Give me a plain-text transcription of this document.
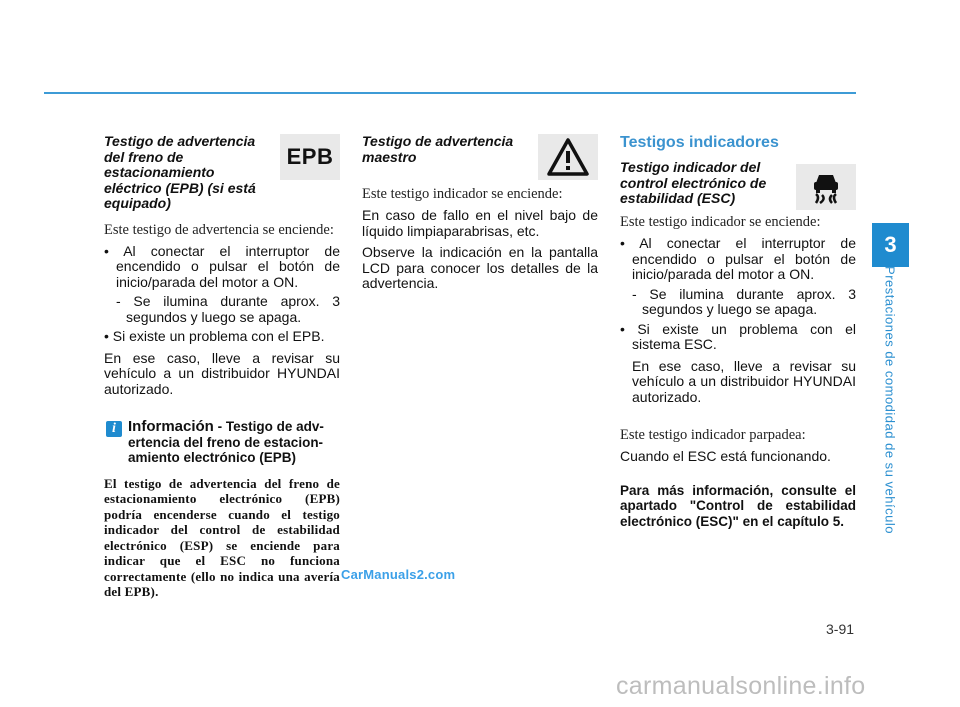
3
Prestaciones de comodidad de su vehículo
Testigo de advertencia del freno de estacionamiento eléctrico (EPB) (si está equipado)
EPB
Este testigo de advertencia se enciende:
• Al conectar el interruptor de encendido o pulsar el botón de inicio/parada del motor a ON.
- Se ilumina durante aprox. 3 segundos y luego se apaga.
• Si existe un problema con el EPB.
En ese caso, lleve a revisar su vehículo a un distribuidor HYUNDAI autorizado.
i Información - Testigo de adv-ertencia del freno de estacion-amiento electrónico (EPB)
El testigo de advertencia del freno de estacionamiento electrónico (EPB) podría encenderse cuando el testigo indicador del control de estabilidad electrónico (ESP) se enciende para indicar que el ESC no funciona correctamente (ello no indica una avería del EPB).
Testigo de advertencia maestro
Este testigo indicador se enciende:
En caso de fallo en el nivel bajo de líquido limpiaparabrisas, etc.
Observe la indicación en la pantalla LCD para conocer los detalles de la advertencia.
Testigos indicadores
Testigo indicador del control electrónico de estabilidad (ESC)
Este testigo indicador se enciende:
• Al conectar el interruptor de encendido o pulsar el botón de inicio/parada del motor a ON.
- Se ilumina durante aprox. 3 segundos y luego se apaga.
• Si existe un problema con el sistema ESC.
En ese caso, lleve a revisar su vehículo a un distribuidor HYUNDAI autorizado.
Este testigo indicador parpadea:
Cuando el ESC está funcionando.
Para más información, consulte el apartado "Control de estabilidad electrónico (ESC)" en el capítulo 5.
3-91
CarManuals2.com
carmanualsonline.info
